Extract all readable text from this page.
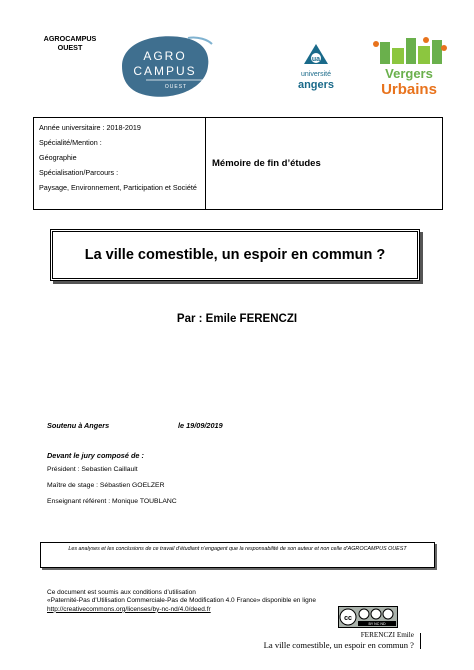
AGROCAMPUS OUEST
AGRO
CAMPUS
OUEST
ua
université
angers
Vergers
Urbains
Année universitaire : 2018-2019
Spécialité/Mention :
Géographie
Spécialisation/Parcours :
Paysage, Environnement, Participation et Société
Mémoire de fin d’études
La ville comestible, un espoir en commun ?
Par : Emile FERENCZI
Soutenu à Angers	le 19/09/2019
Devant le jury composé de :
Président : Sebastien Caillault
Maître de stage : Sébastien GOELZER
Enseignant référent : Monique TOUBLANC
Les analyses et les conclusions de ce travail d’étudiant n’engagent que la responsabilité de son auteur et non celle d’AGROCAMPUS OUEST
Ce document est soumis aux conditions d’utilisation
«Paternité-Pas d'Utilisation Commerciale-Pas de Modification 4.0 France» disponible en ligne
http://creativecommons.org/licenses/by-nc-nd/4.0/deed.fr
cc
BY NC ND
FERENCZI Emile
La ville comestible, un espoir en commun ?
